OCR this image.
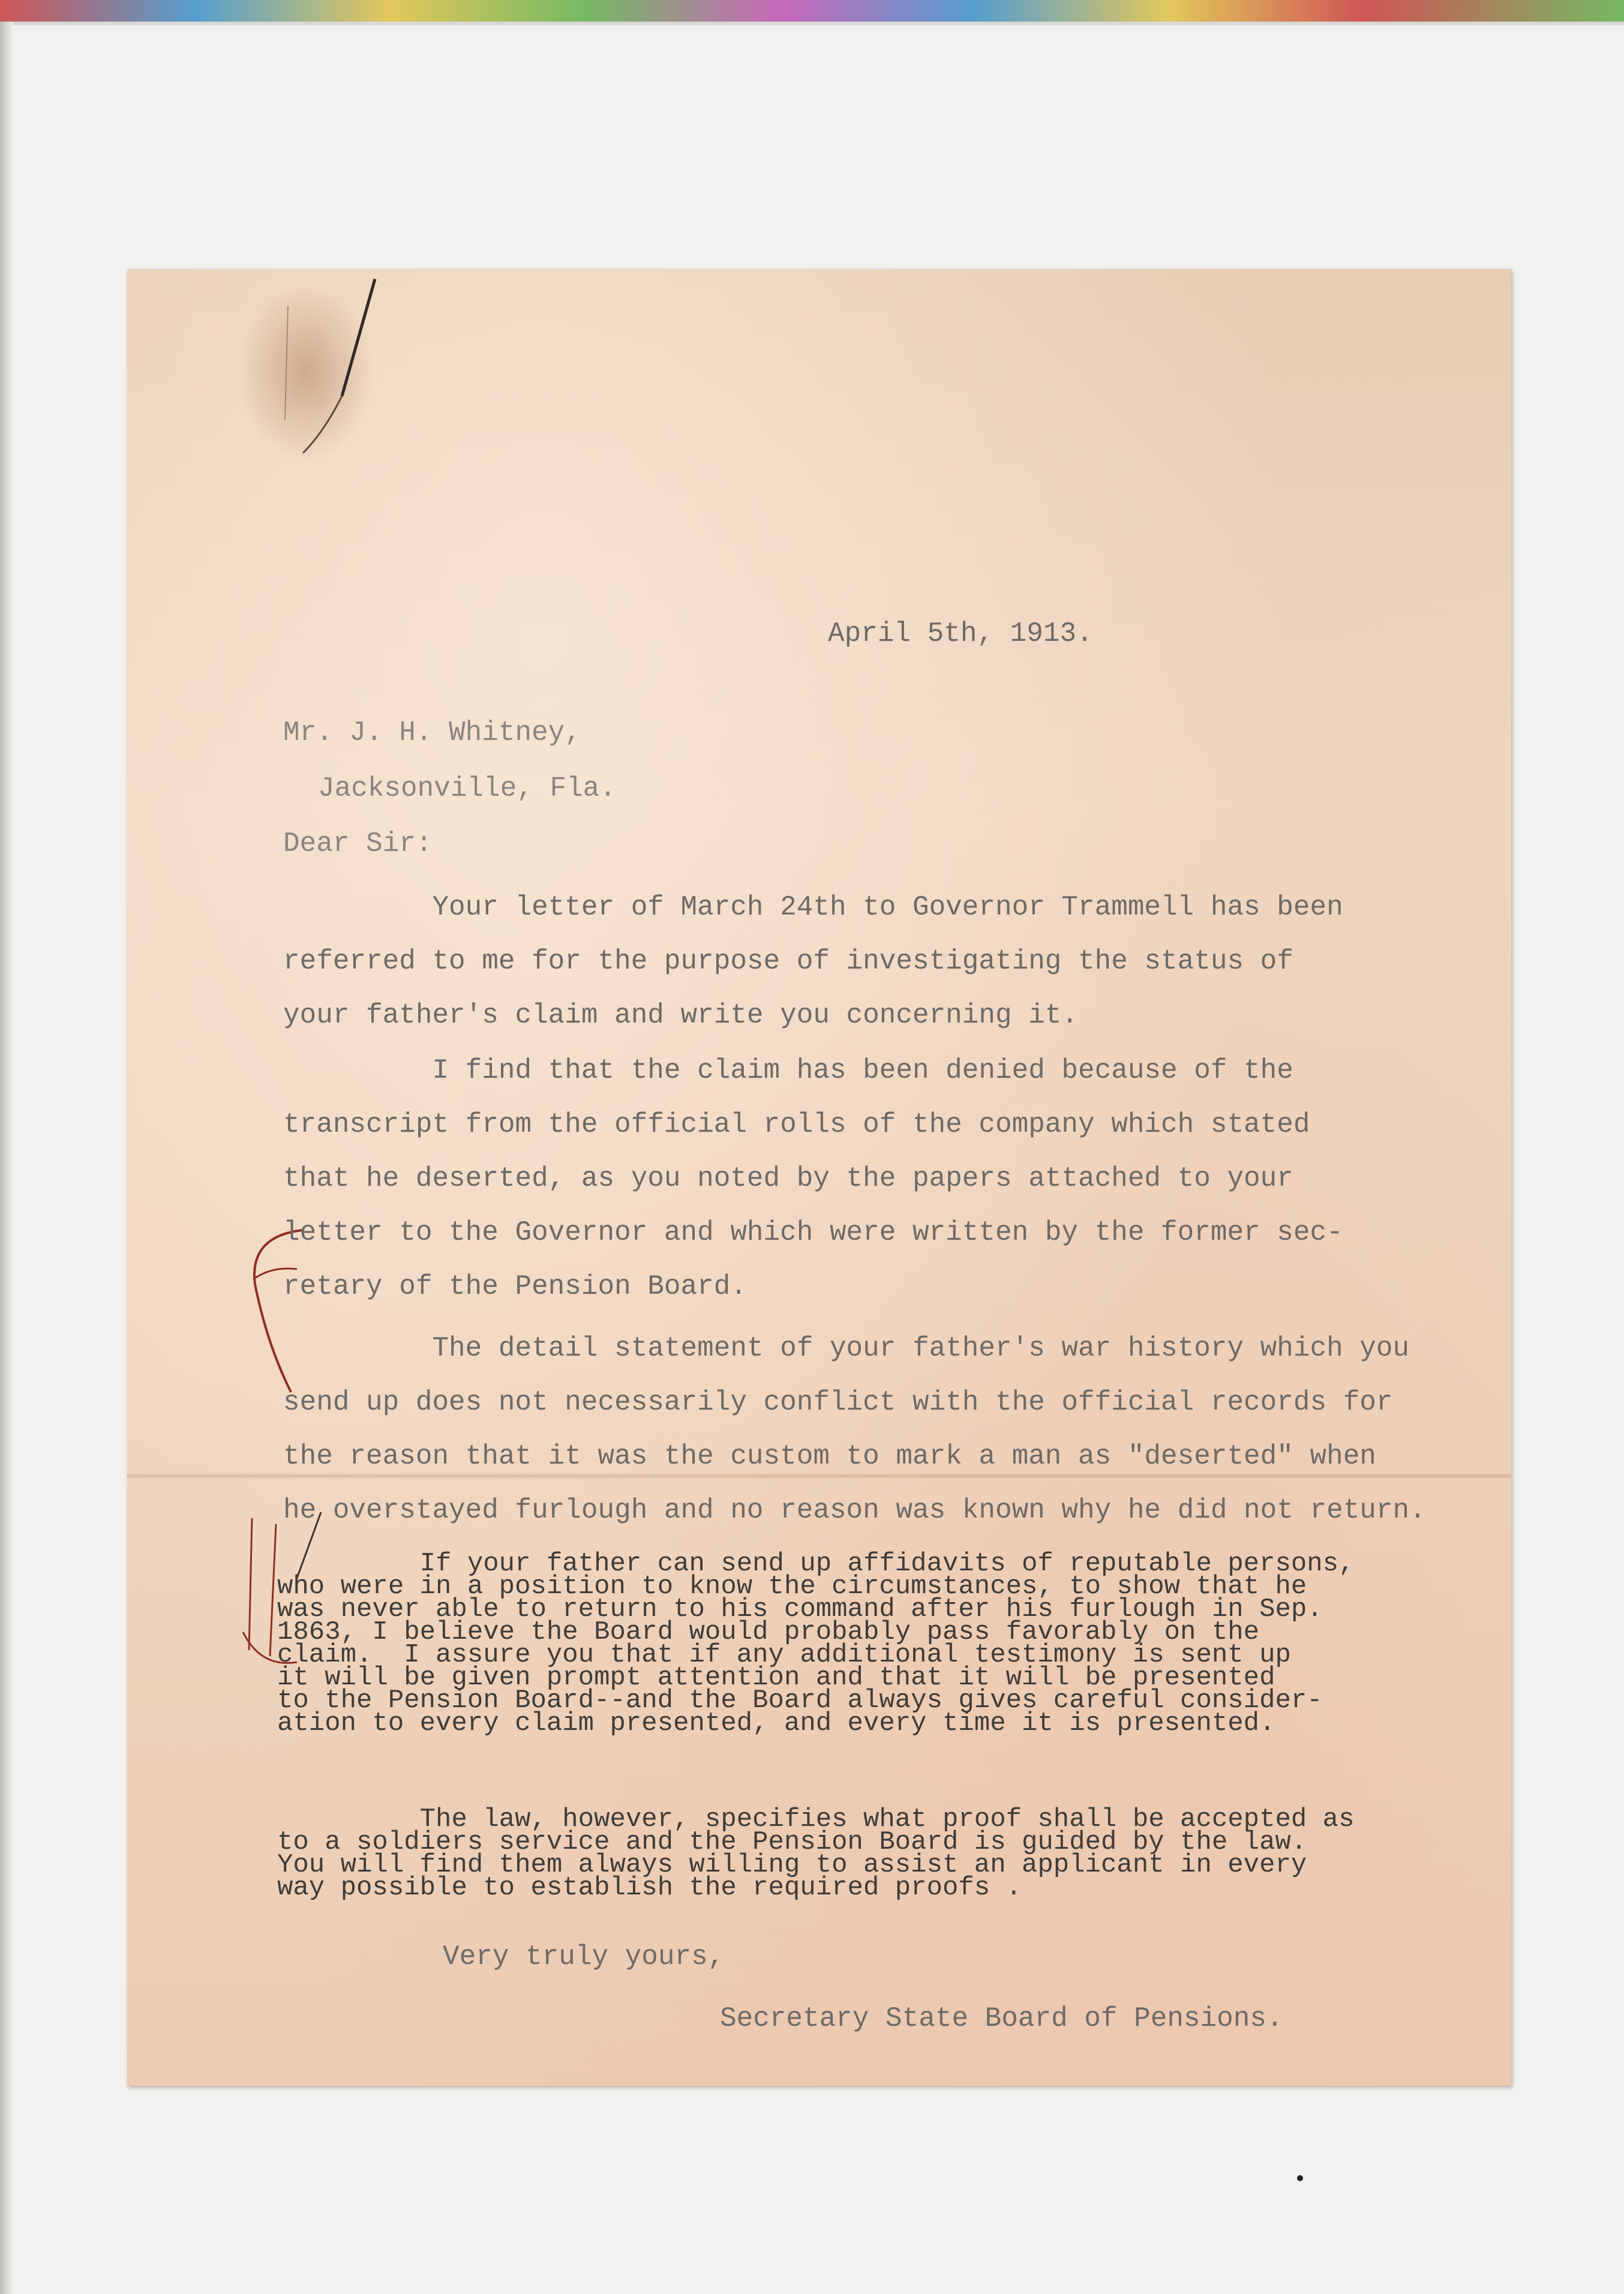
April 5th, 1913.

Mr. J. H. Whitney,

Jacksonville, Fla.

Dear Sir:

Your letter of March 24th to Governor Trammell has been
referred to me for the purpose of investigating the status of
your father's claim and write you concerning it.

I find that the claim has been denied because of the
transcript from the official rolls of the company which stated
that he deserted, as you noted by the papers attached to your
letter to the Governor and which were written by the former sec-
retary of the Pension Board.

The detail statement of your father's war history which you
send up does not necessarily conflict with the official records for
the reason that it was the custom to mark a man as "deserted" when
he overstayed furlough and no reason was known why he did not return.

If your father can send up affidavits of reputable persons,
who were in a position to know the circumstances, to show that he
was never able to return to his command after his furlough in Sep.
1863, I believe the Board would probably pass favorably on the
claim.  I assure you that if any additional testimony is sent up
it will be given prompt attention and that it will be presented
to the Pension Board--and the Board always gives careful consider-
ation to every claim presented, and every time it is presented.

The law, however, specifies what proof shall be accepted as
to a soldiers service and the Pension Board is guided by the law.
You will find them always willing to assist an applicant in every
way possible to establish the required proofs .

Very truly yours,

Secretary State Board of Pensions.
